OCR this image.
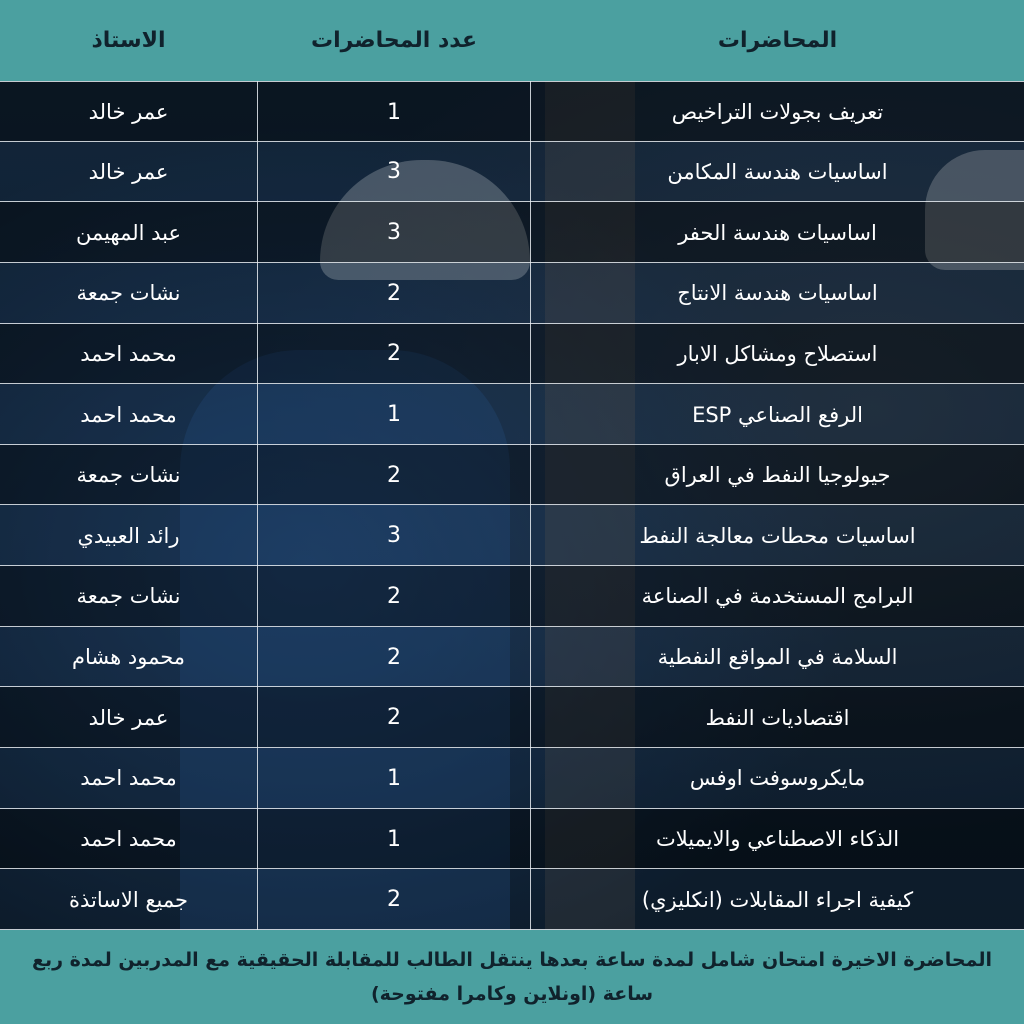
المحاضرات
عدد المحاضرات
الاستاذ
تعريف بجولات التراخيص
1
عمر خالد
اساسيات هندسة المكامن
3
عمر خالد
اساسيات هندسة الحفر
3
عبد المهيمن
اساسيات هندسة الانتاج
2
نشات جمعة
استصلاح ومشاكل الابار
2
محمد احمد
الرفع الصناعي ESP
1
محمد احمد
جيولوجيا النفط في العراق
2
نشات جمعة
اساسيات محطات معالجة النفط
3
رائد العبيدي
البرامج المستخدمة في الصناعة
2
نشات جمعة
السلامة في المواقع النفطية
2
محمود هشام
اقتصاديات النفط
2
عمر خالد
مايكروسوفت اوفس
1
محمد احمد
الذكاء الاصطناعي والايميلات
1
محمد احمد
كيفية اجراء المقابلات (انكليزي)
2
جميع الاساتذة
المحاضرة الاخيرة امتحان شامل لمدة ساعة بعدها ينتقل الطالب للمقابلة الحقيقية مع المدربين لمدة ربع ساعة (اونلاين وكامرا مفتوحة)
